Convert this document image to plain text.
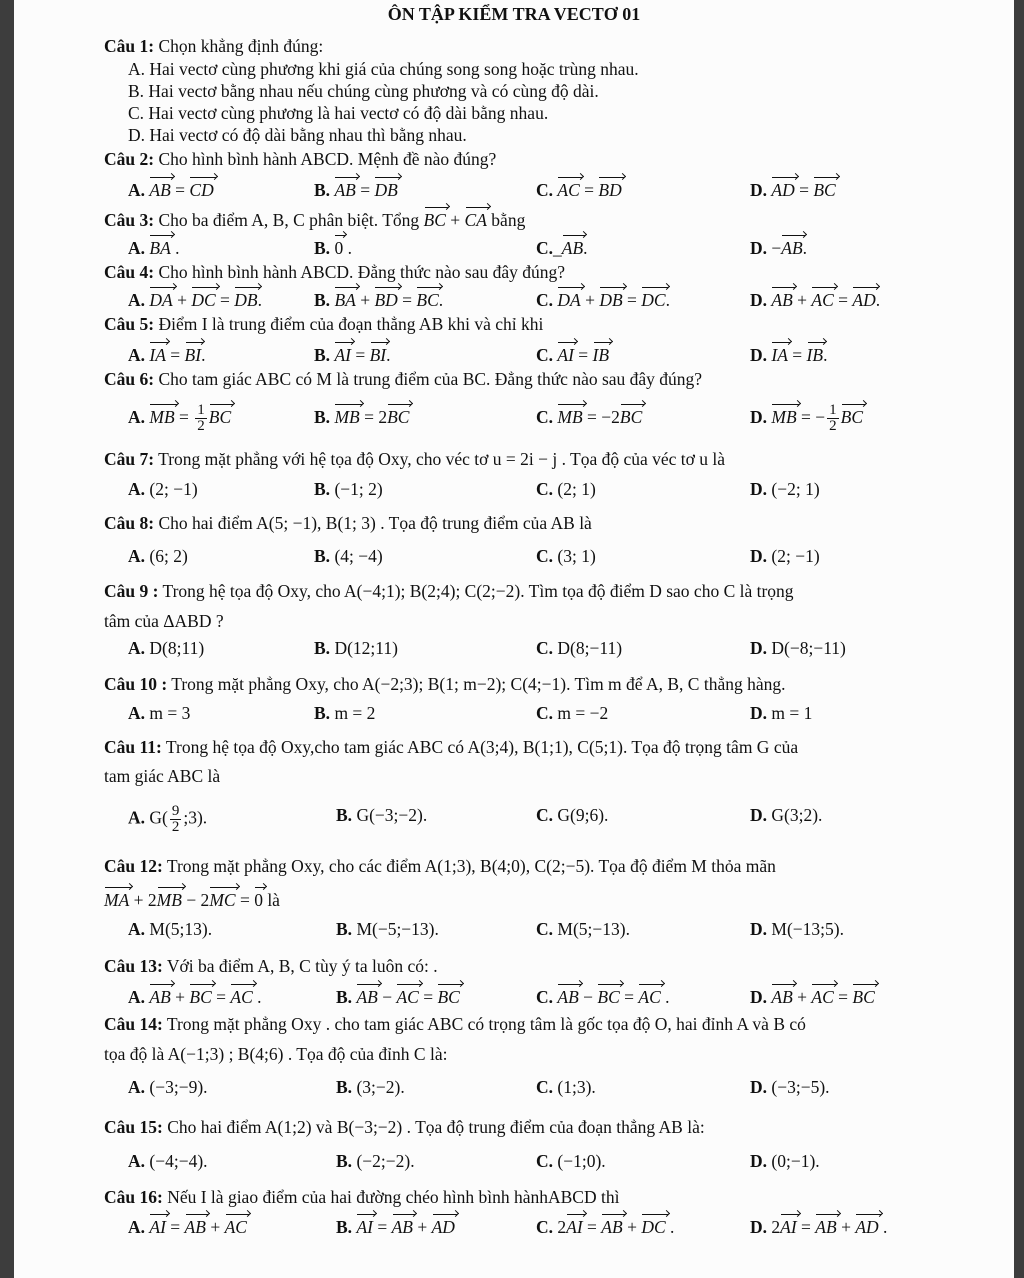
ÔN TẬP KIỂM TRA VECTƠ 01
Câu 1: Chọn khẳng định đúng:
A. Hai vectơ cùng phương khi giá của chúng song song hoặc trùng nhau.
B. Hai vectơ bằng nhau nếu chúng cùng phương và có cùng độ dài.
C. Hai vectơ cùng phương là hai vectơ có độ dài bằng nhau.
D. Hai vectơ có độ dài bằng nhau thì bằng nhau.
Câu 2: Cho hình bình hành ABCD. Mệnh đề nào đúng?
A. AB = CD	B. AB = DB	C. AC = BD	D. AD = BC
Câu 3: Cho ba điểm A, B, C phân biệt. Tổng BC + CA bằng
A. BA .	B. 0 .	C._AB.	D. −AB.
Câu 4: Cho hình bình hành ABCD. Đẳng thức nào sau đây đúng?
A. DA + DC = DB.	B. BA + BD = BC.	C. DA + DB = DC.	D. AB + AC = AD.
Câu 5: Điểm I là trung điểm của đoạn thẳng AB khi và chỉ khi
A. IA = BI.	B. AI = BI.	C. AI = IB	D. IA = IB.
Câu 6: Cho tam giác ABC có M là trung điểm của BC. Đẳng thức nào sau đây đúng?
A. MB = $\frac{1}{2}$ BC	B. MB = 2BC	C. MB = −2BC	D. MB = − $\frac{1}{2}$ BC
Câu 7: Trong mặt phẳng với hệ tọa độ Oxy, cho véc tơ u = 2i − j . Tọa độ của véc tơ u là
A. (2; −1)	B. (−1; 2)	C. (2; 1)	D. (−2; 1)
Câu 8: Cho hai điểm A(5; −1), B(1; 3) . Tọa độ trung điểm của AB là
A. (6; 2)	B. (4; −4)	C. (3; 1)	D. (2; −1)
Câu 9 : Trong hệ tọa độ Oxy, cho A(−4;1); B(2;4); C(2;−2). Tìm tọa độ điểm D sao cho C là trọng
tâm của ΔABD ?
A. D(8;11)	B. D(12;11)	C. D(8;−11)	D. D(−8;−11)
Câu 10 : Trong mặt phẳng Oxy, cho A(−2;3); B(1; m−2); C(4;−1). Tìm m để A, B, C thẳng hàng.
A. m = 3	B. m = 2	C. m = −2	D. m = 1
Câu 11: Trong hệ tọa độ Oxy,cho tam giác ABC có A(3;4), B(1;1), C(5;1). Tọa độ trọng tâm G của
tam giác ABC là
A. $G( \frac{9}{2}$ ;3).	B. G(−3;−2).	C. G(9;6).	D. G(3;2).
Câu 12: Trong mặt phẳng Oxy, cho các điểm A(1;3), B(4;0), C(2;−5). Tọa độ điểm M thỏa mãn
MA + 2MB − 2MC = 0 là
A. M(5;13).	B. M(−5;−13).	C. M(5;−13).	D. M(−13;5).
Câu 13: Với ba điểm A, B, C tùy ý ta luôn có: .
A. AB + BC = AC .	B. AB − AC = BC	C. AB − BC = AC .	D. AB + AC = BC
Câu 14: Trong mặt phẳng Oxy . cho tam giác ABC có trọng tâm là gốc tọa độ O, hai đỉnh A và B có
tọa độ là A(−1;3) ; B(4;6) . Tọa độ của đỉnh C là:
A. (−3;−9).	B. (3;−2).	C. (1;3).	D. (−3;−5).
Câu 15: Cho hai điểm A(1;2) và B(−3;−2) . Tọa độ trung điểm của đoạn thẳng AB là:
A. (−4;−4).	B. (−2;−2).	C. (−1;0).	D. (0;−1).
Câu 16: Nếu I là giao điểm của hai đường chéo hình bình hànhABCD thì
A. AI = AB + AC	B. AI = AB + AD	C. 2AI = AB + DC .	D. 2AI = AB + AD .
